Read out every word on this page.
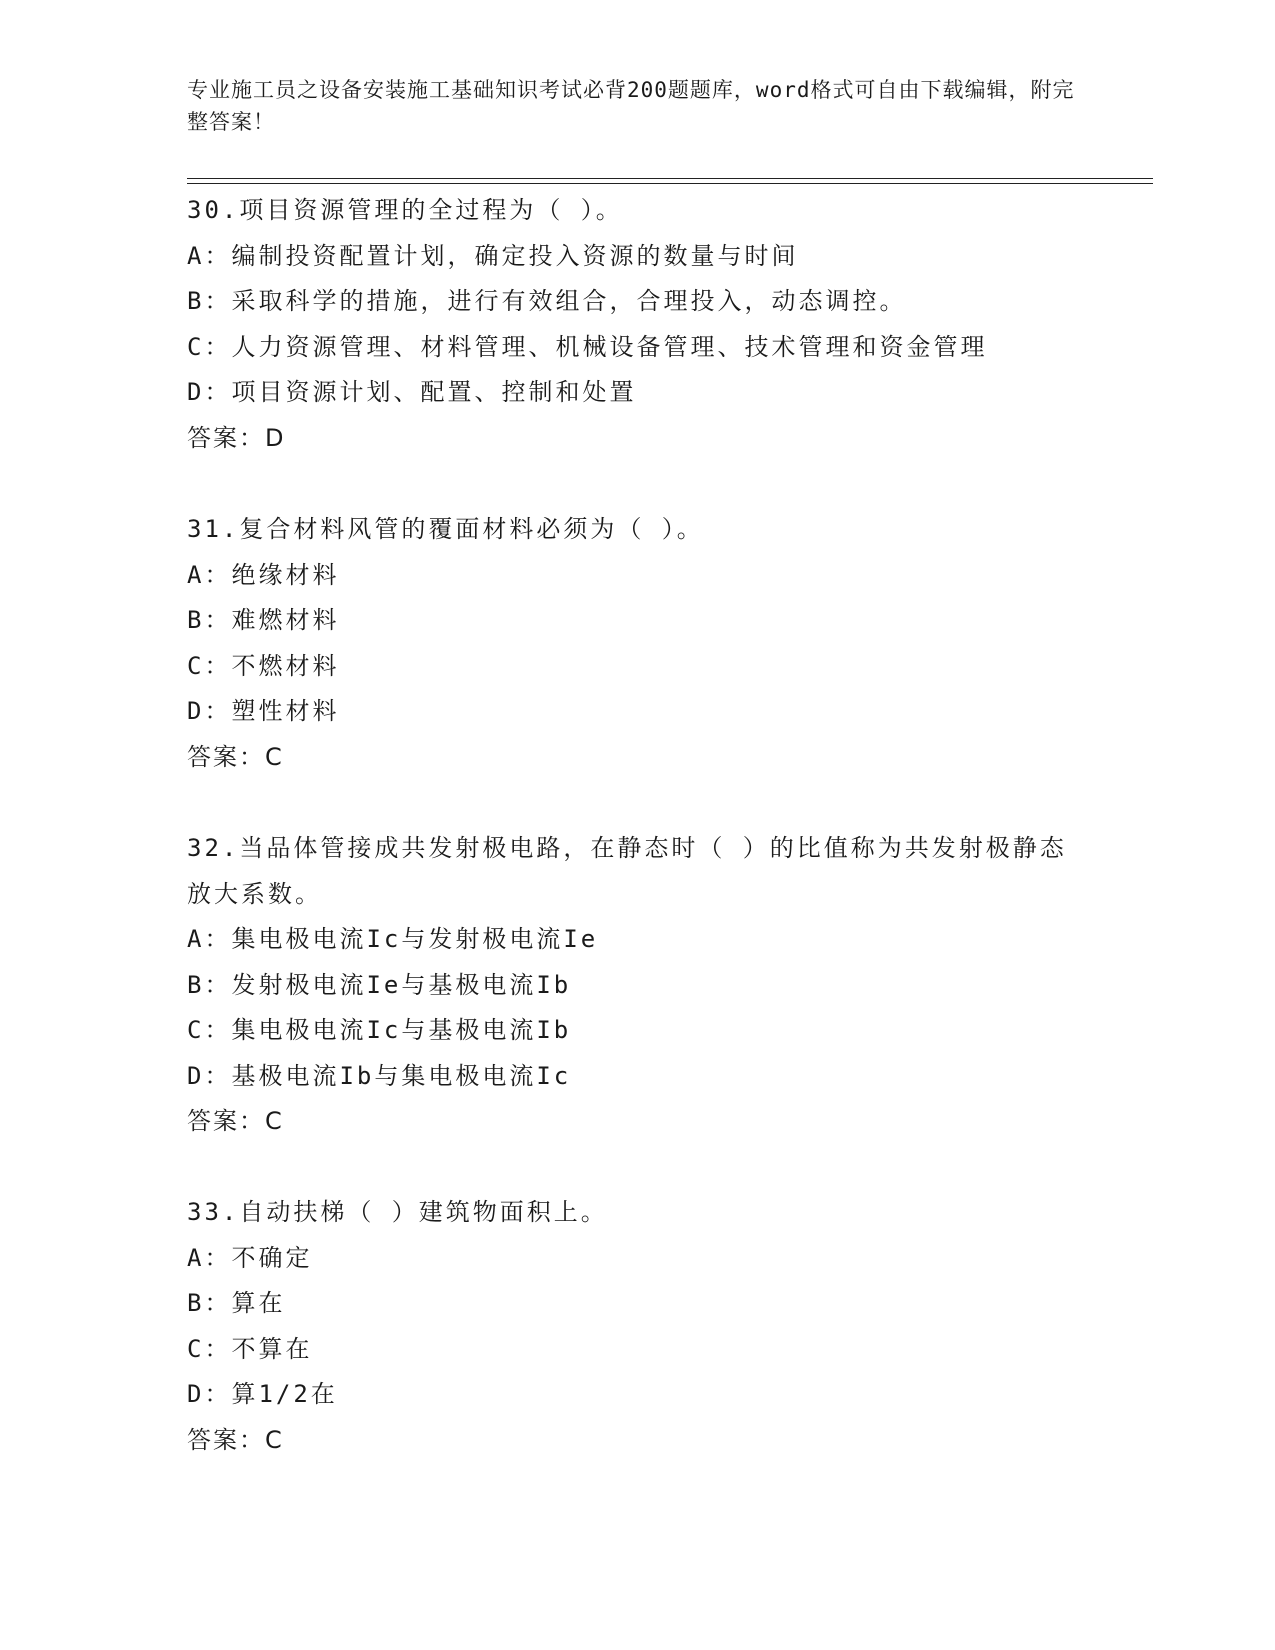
专业施工员之设备安装施工基础知识考试必背200题题库，word格式可自由下载编辑，附完整答案！
30.项目资源管理的全过程为（ ）。
A：编制投资配置计划，确定投入资源的数量与时间
B：采取科学的措施，进行有效组合，合理投入，动态调控。
C：人力资源管理、材料管理、机械设备管理、技术管理和资金管理
D：项目资源计划、配置、控制和处置
答案：D
31.复合材料风管的覆面材料必须为（ ）。
A：绝缘材料
B：难燃材料
C：不燃材料
D：塑性材料
答案：C
32.当品体管接成共发射极电路，在静态时（ ）的比值称为共发射极静态放大系数。
A：集电极电流Ic与发射极电流Ie
B：发射极电流Ie与基极电流Ib
C：集电极电流Ic与基极电流Ib
D：基极电流Ib与集电极电流Ic
答案：C
33.自动扶梯（ ）建筑物面积上。
A：不确定
B：算在
C：不算在
D：算1/2在
答案：C
